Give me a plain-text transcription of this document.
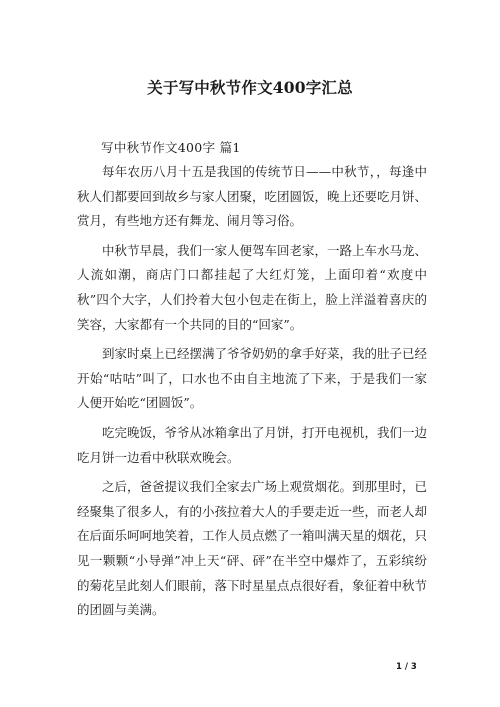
关于写中秋节作文400字汇总
写中秋节作文400字 篇1

每年农历八月十五是我国的传统节日——中秋节，，每逢中秋人们都要回到故乡与家人团聚，吃团圆饭，晚上还要吃月饼、赏月，有些地方还有舞龙、闹月等习俗。

中秋节早晨，我们一家人便驾车回老家，一路上车水马龙、人流如潮，商店门口都挂起了大红灯笼，上面印着“欢度中秋”四个大字，人们拎着大包小包走在街上，脸上洋溢着喜庆的笑容，大家都有一个共同的目的“回家”。

到家时桌上已经摆满了爷爷奶奶的拿手好菜，我的肚子已经开始“咕咕”叫了，口水也不由自主地流了下来，于是我们一家人便开始吃“团圆饭”。

吃完晚饭，爷爷从冰箱拿出了月饼，打开电视机，我们一边吃月饼一边看中秋联欢晚会。

之后，爸爸提议我们全家去广场上观赏烟花。到那里时，已经聚集了很多人，有的小孩拉着大人的手要走近一些，而老人却在后面乐呵呵地笑着，工作人员点燃了一箱叫满天星的烟花，只见一颗颗“小导弹”冲上天“砰、砰”在半空中爆炸了，五彩缤纷的菊花呈此刻人们眼前，落下时星星点点很好看，象征着中秋节的团圆与美满。

1 / 3
